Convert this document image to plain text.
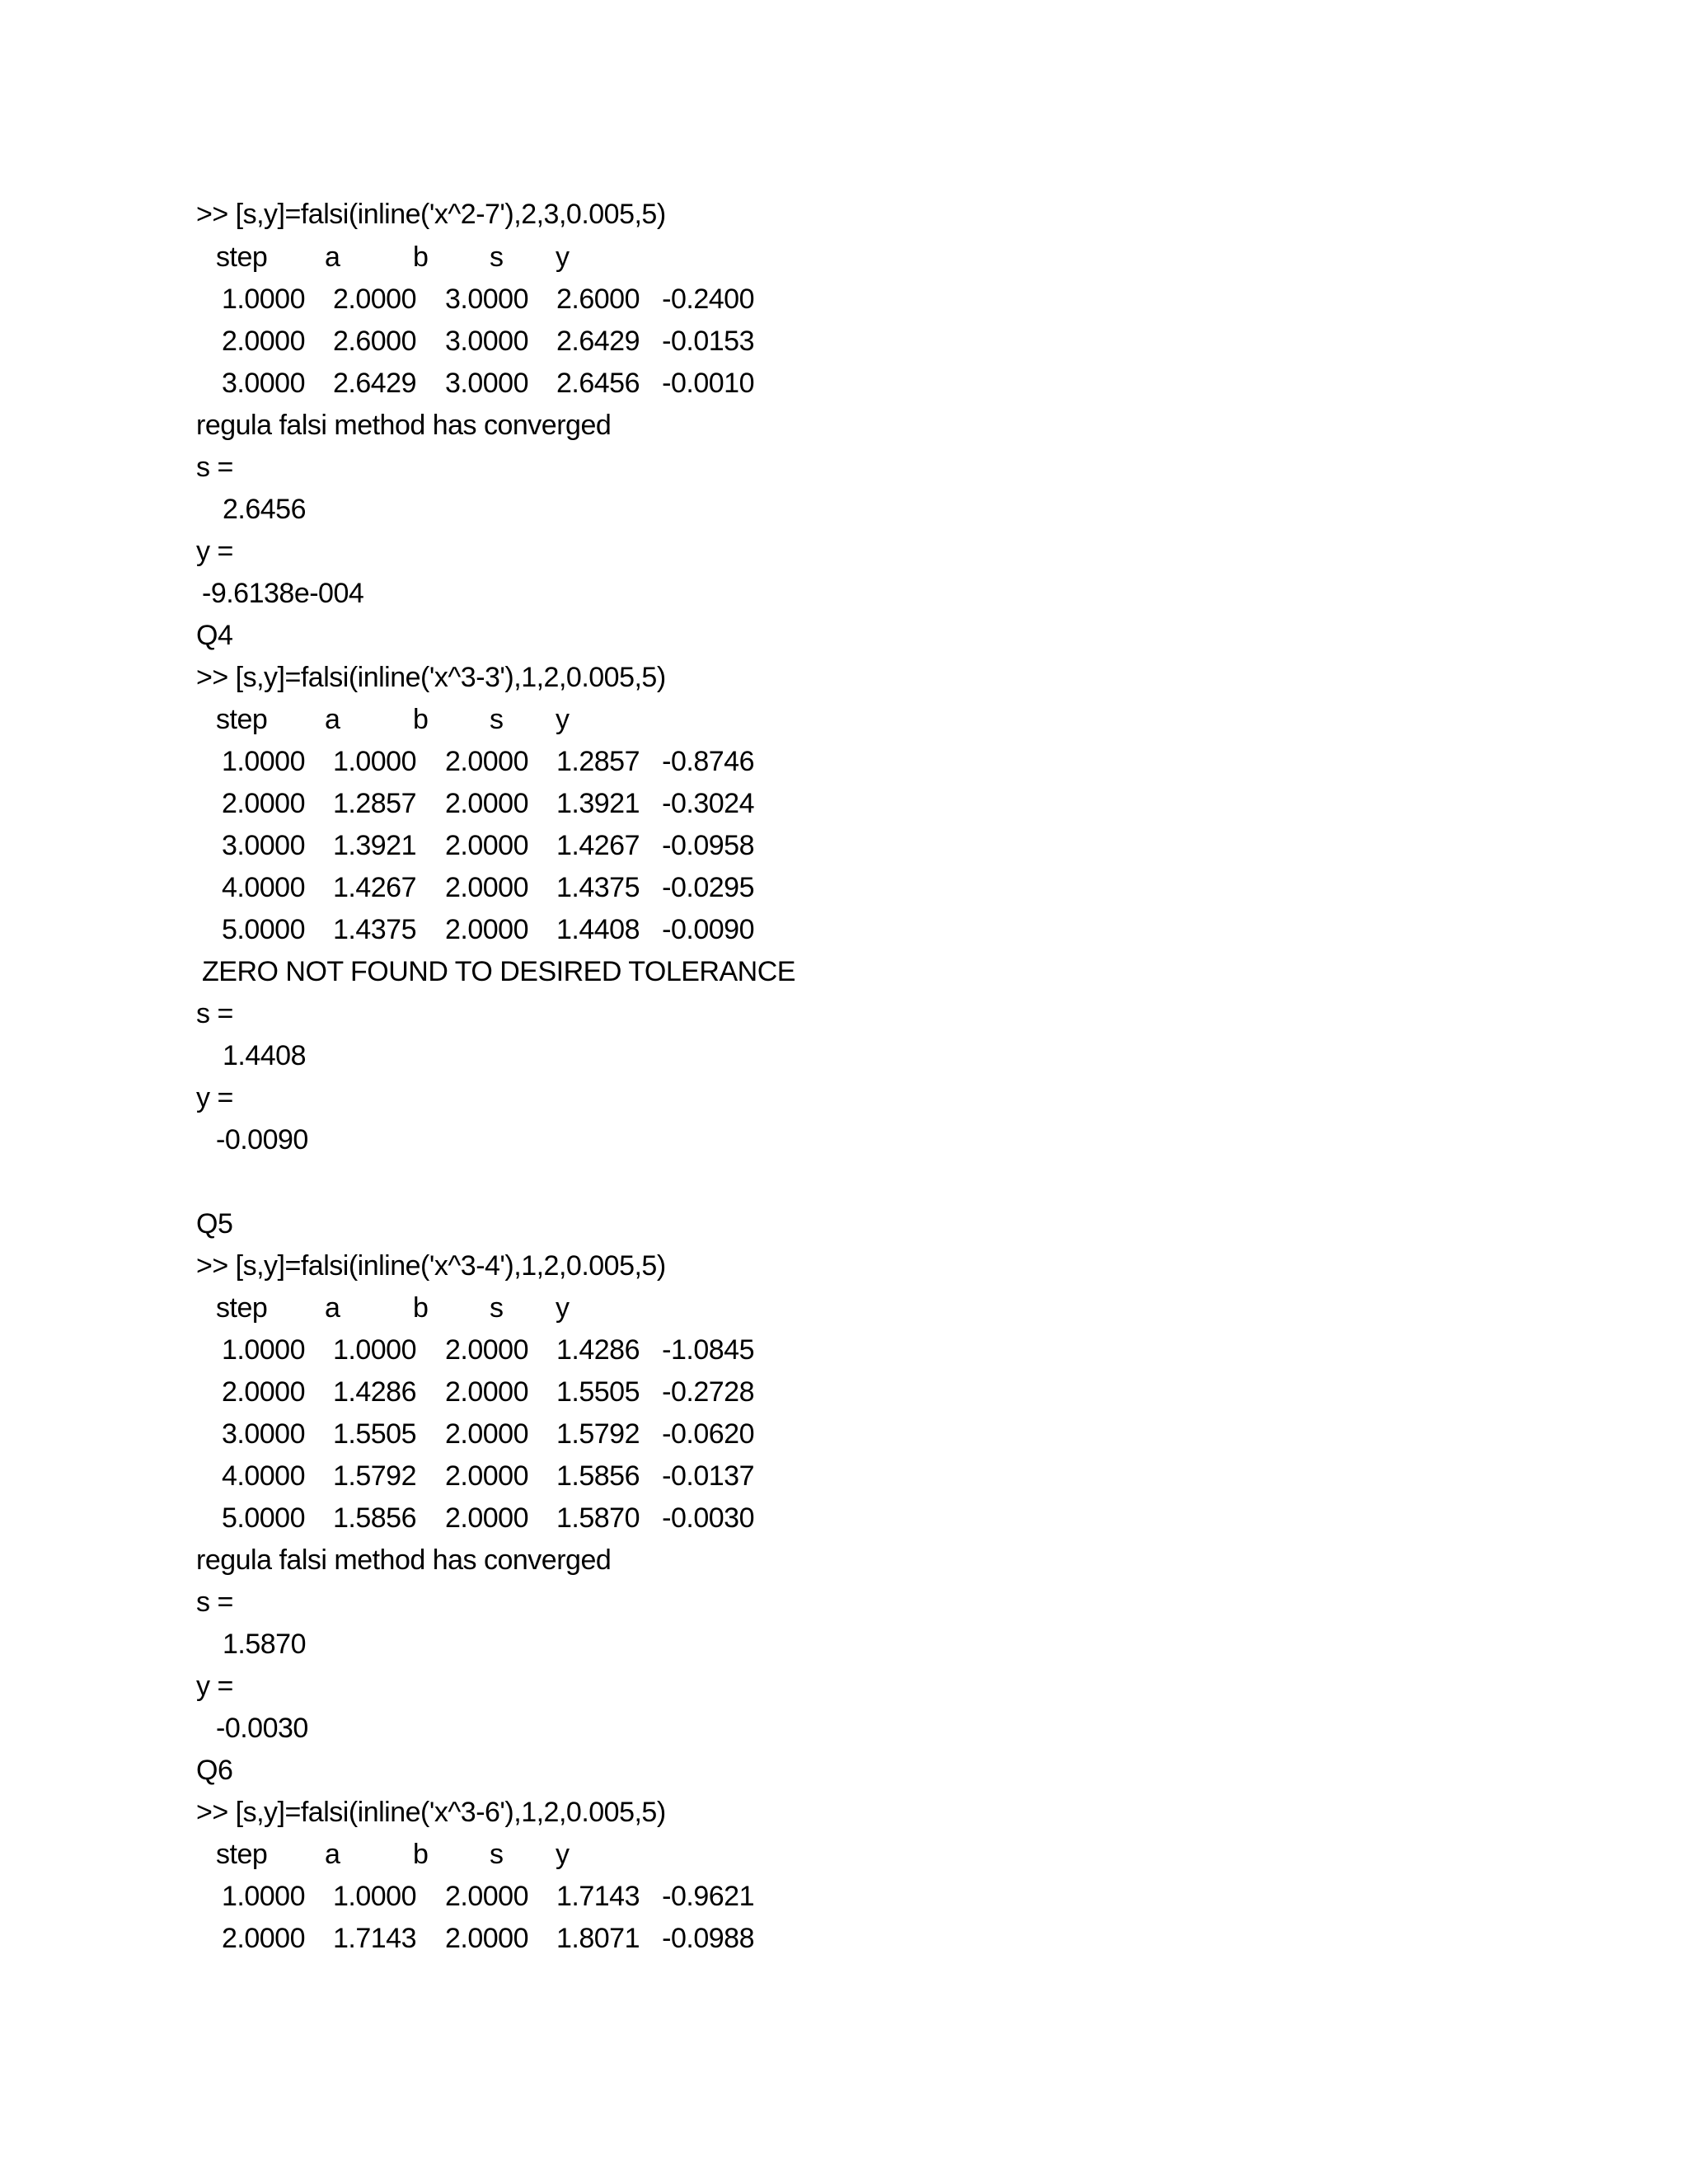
>> [s,y]=falsi(inline('x^2-7'),2,3,0.005,5)
step a	b s y
1.0000 2.0000 3.0000 2.6000 -0.2400
2.0000 2.6000 3.0000 2.6429 -0.0153
3.0000 2.6429 3.0000 2.6456 -0.0010
regula falsi method has converged
s =
2.6456
y =
-9.6138e-004
Q4
>> [s,y]=falsi(inline('x^3-3'),1,2,0.005,5)
step a	b s y
1.0000 1.0000 2.0000 1.2857 -0.8746
2.0000 1.2857 2.0000 1.3921 -0.3024
3.0000 1.3921 2.0000 1.4267 -0.0958
4.0000 1.4267 2.0000 1.4375 -0.0295
5.0000 1.4375 2.0000 1.4408 -0.0090
ZERO NOT FOUND TO DESIRED TOLERANCE
s =
1.4408
y =
-0.0090
Q5
>> [s,y]=falsi(inline('x^3-4'),1,2,0.005,5)
step a	b s y
1.0000 1.0000 2.0000 1.4286 -1.0845
2.0000 1.4286 2.0000 1.5505 -0.2728
3.0000 1.5505 2.0000 1.5792 -0.0620
4.0000 1.5792 2.0000 1.5856 -0.0137
5.0000 1.5856 2.0000 1.5870 -0.0030
regula falsi method has converged
s =
1.5870
y =
-0.0030
Q6
>> [s,y]=falsi(inline('x^3-6'),1,2,0.005,5)
step a	b s y
1.0000 1.0000 2.0000 1.7143 -0.9621
2.0000 1.7143 2.0000 1.8071 -0.0988
